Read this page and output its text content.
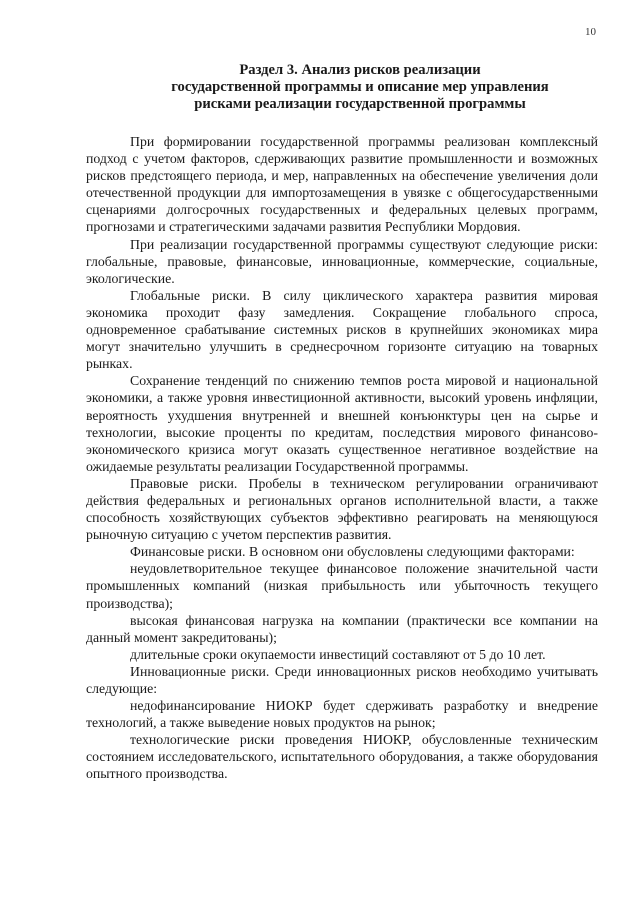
10
Раздел 3. Анализ рисков реализации
государственной программы и описание мер управления
рисками реализации государственной программы

При формировании государственной программы реализован комплексный подход с учетом факторов, сдерживающих развитие промышленности и возможных рисков предстоящего периода, и мер, направленных на обеспечение увеличения доли отечественной продукции для импортозамещения в увязке с общегосударственными сценариями долгосрочных государственных и федеральных целевых программ, прогнозами и стратегическими задачами развития Республики Мордовия.

При реализации государственной программы существуют следующие риски: глобальные, правовые, финансовые, инновационные, коммерческие, социальные, экологические.

Глобальные риски. В силу циклического характера развития мировая экономика проходит фазу замедления. Сокращение глобального спроса, одновременное срабатывание системных рисков в крупнейших экономиках мира могут значительно улучшить в среднесрочном горизонте ситуацию на товарных рынках.

Сохранение тенденций по снижению темпов роста мировой и национальной экономики, а также уровня инвестиционной активности, высокий уровень инфляции, вероятность ухудшения внутренней и внешней конъюнктуры цен на сырье и технологии, высокие проценты по кредитам, последствия мирового финансово-экономического кризиса могут оказать существенное негативное воздействие на ожидаемые результаты реализации Государственной программы.

Правовые риски. Пробелы в техническом регулировании ограничивают действия федеральных и региональных органов исполнительной власти, а также способность хозяйствующих субъектов эффективно реагировать на меняющуюся рыночную ситуацию с учетом перспектив развития.

Финансовые риски. В основном они обусловлены следующими факторами:

неудовлетворительное текущее финансовое положение значительной части промышленных компаний (низкая прибыльность или убыточность текущего производства);

высокая финансовая нагрузка на компании (практически все компании на данный момент закредитованы);

длительные сроки окупаемости инвестиций составляют от 5 до 10 лет.

Инновационные риски. Среди инновационных рисков необходимо учитывать следующие:

недофинансирование НИОКР будет сдерживать разработку и внедрение технологий, а также выведение новых продуктов на рынок;

технологические риски проведения НИОКР, обусловленные техническим состоянием исследовательского, испытательного оборудования, а также оборудования опытного производства.
